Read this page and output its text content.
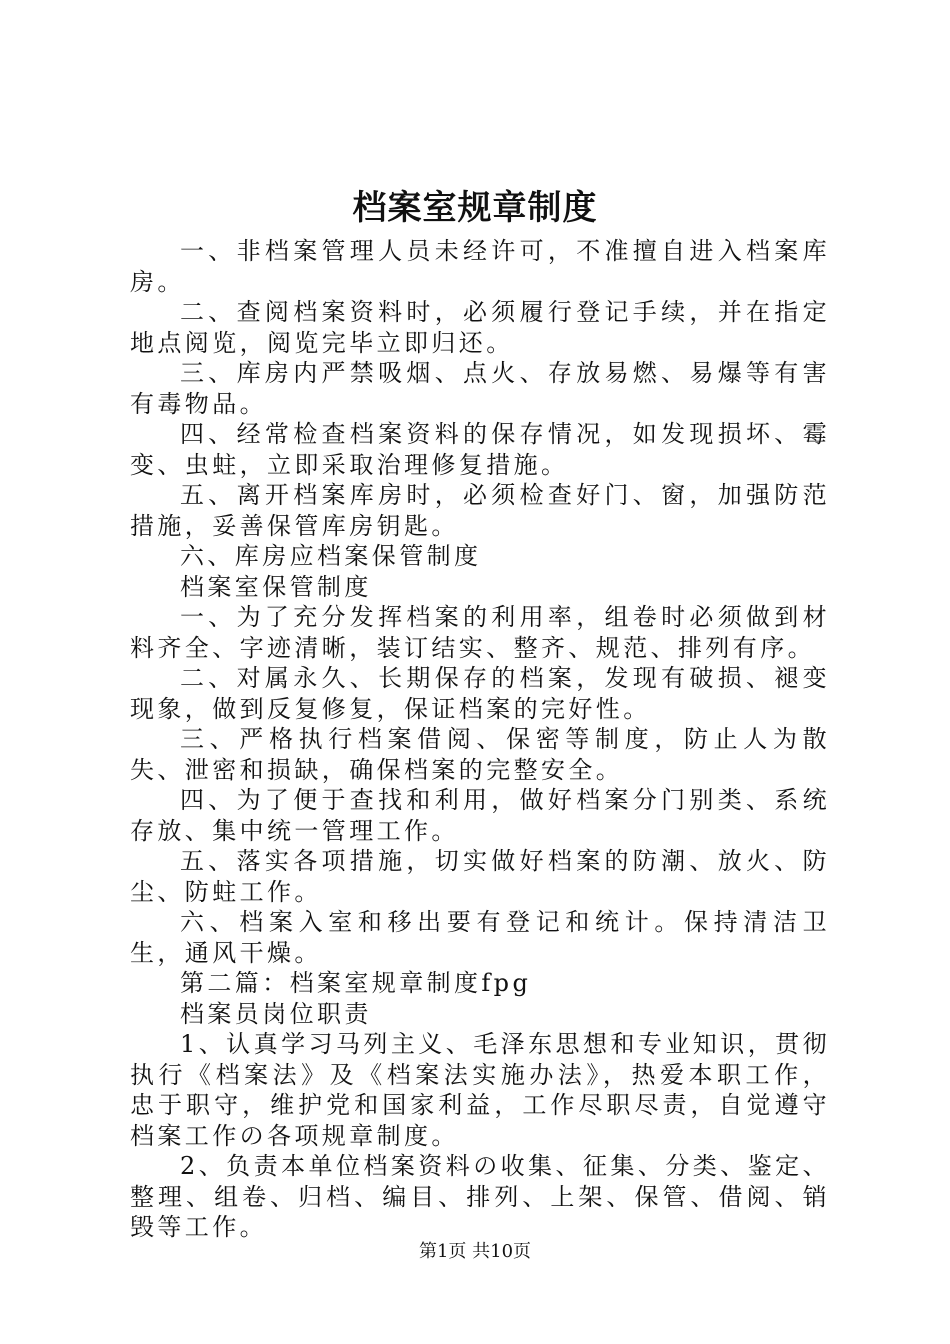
档案室规章制度

一、非档案管理人员未经许可，不准擅自进入档案库房。

二、查阅档案资料时，必须履行登记手续，并在指定地点阅览，阅览完毕立即归还。

三、库房内严禁吸烟、点火、存放易燃、易爆等有害有毒物品。

四、经常检查档案资料的保存情况，如发现损坏、霉变、虫蛀，立即采取治理修复措施。

五、离开档案库房时，必须检查好门、窗，加强防范措施，妥善保管库房钥匙。

六、库房应档案保管制度

档案室保管制度

一、为了充分发挥档案的利用率，组卷时必须做到材料齐全、字迹清晰，装订结实、整齐、规范、排列有序。

二、对属永久、长期保存的档案，发现有破损、褪变现象，做到反复修复，保证档案的完好性。

三、严格执行档案借阅、保密等制度，防止人为散失、泄密和损缺，确保档案的完整安全。

四、为了便于查找和利用，做好档案分门别类、系统存放、集中统一管理工作。

五、落实各项措施，切实做好档案的防潮、放火、防尘、防蛀工作。

六、档案入室和移出要有登记和统计。保持清洁卫生，通风干燥。

第二篇：档案室规章制度fpg

档案员岗位职责

1、认真学习马列主义、毛泽东思想和专业知识，贯彻执行《档案法》及《档案法实施办法》，热爱本职工作，忠于职守，维护党和国家利益，工作尽职尽责，自觉遵守档案工作の各项规章制度。

2、负责本单位档案资料の收集、征集、分类、鉴定、整理、组卷、归档、编目、排列、上架、保管、借阅、销毁等工作。

第1页 共10页
